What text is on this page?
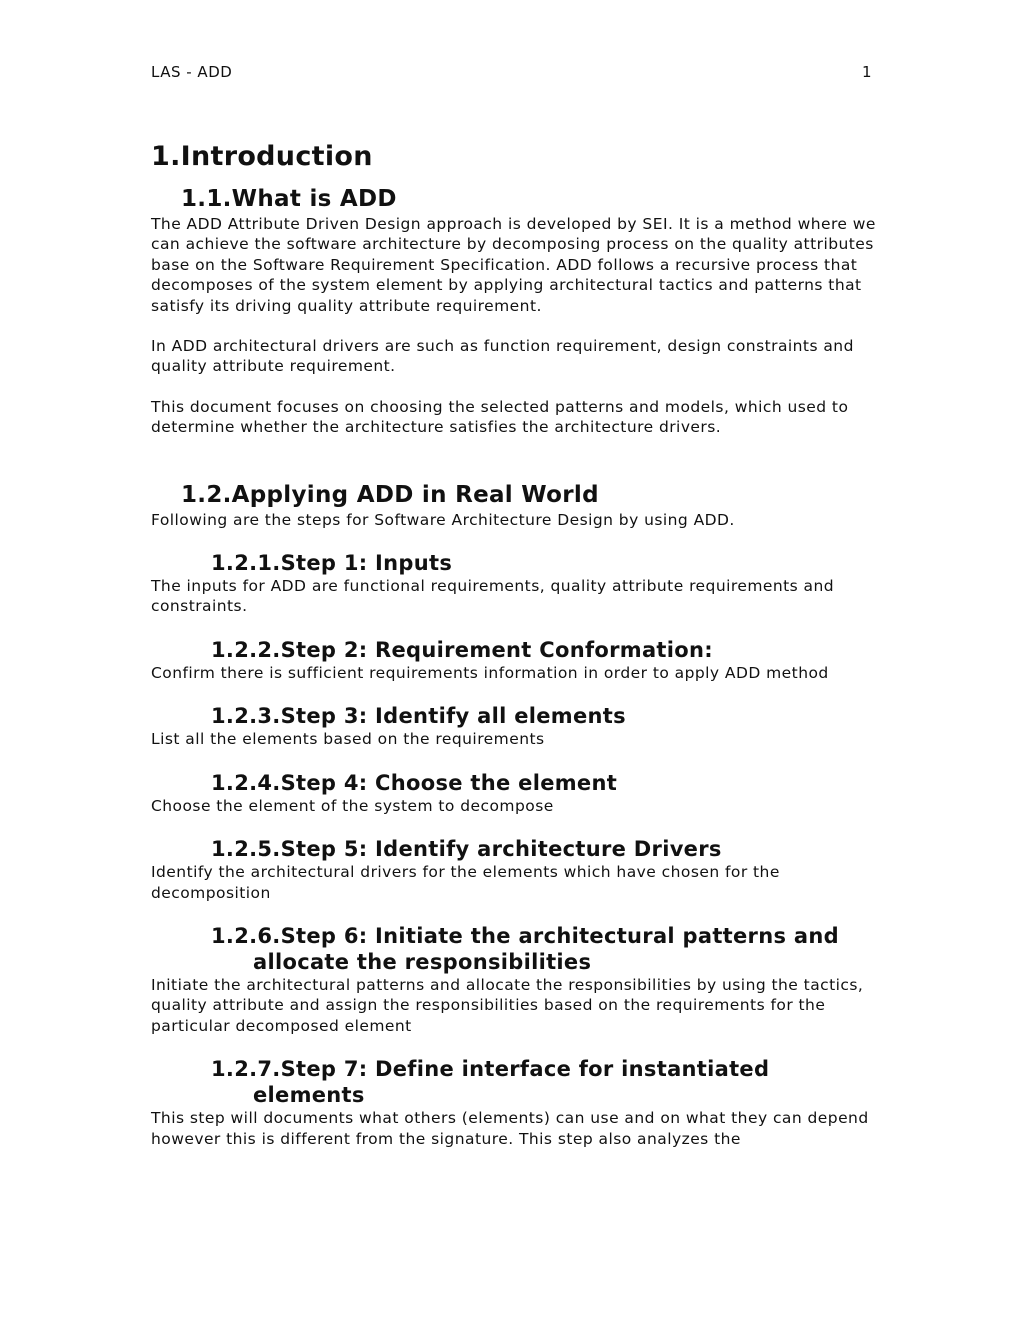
LAS - ADD	1
1.Introduction
1.1.What is ADD

The ADD Attribute Driven Design approach is developed by SEI. It is a method where we can achieve the software architecture by decomposing process on the quality attributes base on the Software Requirement Specification. ADD follows a recursive process that decomposes of the system element by applying architectural tactics and patterns that satisfy its driving quality attribute requirement.

In ADD architectural drivers are such as function requirement, design constraints and quality attribute requirement.

This document focuses on choosing the selected patterns and models, which used to determine whether the architecture satisfies the architecture drivers.

1.2.Applying ADD in Real World

Following are the steps for Software Architecture Design by using ADD.

1.2.1.Step 1: Inputs

The inputs for ADD are functional requirements, quality attribute requirements and constraints.

1.2.2.Step 2: Requirement Conformation:

Confirm there is sufficient requirements information in order to apply ADD method

1.2.3.Step 3: Identify all elements

List all the elements based on the requirements

1.2.4.Step 4: Choose the element

Choose the element of the system to decompose

1.2.5.Step 5: Identify architecture Drivers

Identify the architectural drivers for the elements which have chosen for the decomposition

1.2.6.Step 6: Initiate the architectural patterns and allocate the responsibilities

Initiate the architectural patterns and allocate the responsibilities by using the tactics, quality attribute and assign the responsibilities based on the requirements for the particular decomposed element

1.2.7.Step 7: Define interface for instantiated elements

This step will documents what others (elements) can use and on what they can depend however this is different from the signature. This step also analyzes the
